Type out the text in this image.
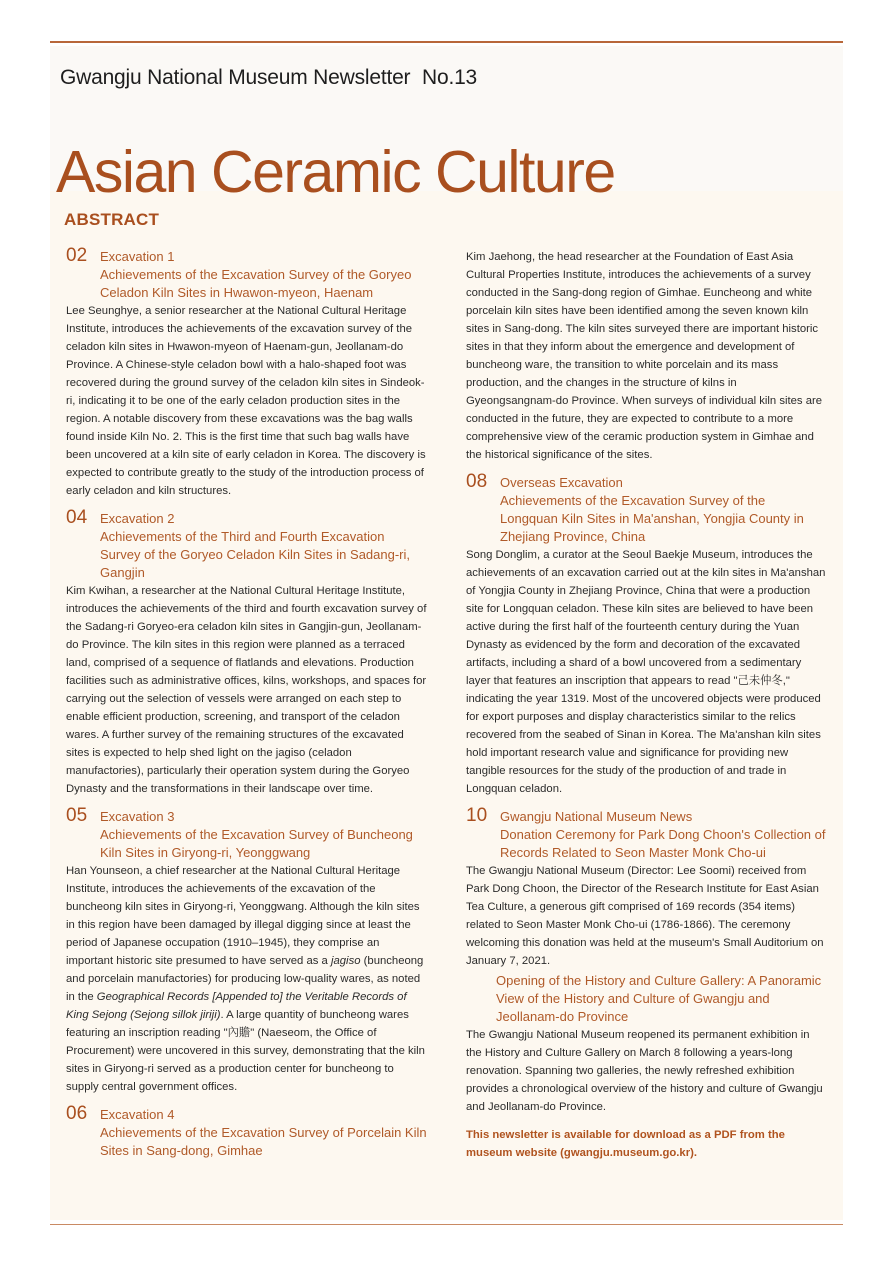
Gwangju National Museum Newsletter No.13
Asian Ceramic Culture
ABSTRACT
02 Excavation 1
Achievements of the Excavation Survey of the Goryeo Celadon Kiln Sites in Hwawon-myeon, Haenam

Lee Seunghye, a senior researcher at the National Cultural Heritage Institute, introduces the achievements of the excavation survey of the celadon kiln sites in Hwawon-myeon of Haenam-gun, Jeollanam-do Province. A Chinese-style celadon bowl with a halo-shaped foot was recovered during the ground survey of the celadon kiln sites in Sindeok-ri, indicating it to be one of the early celadon production sites in the region. A notable discovery from these excavations was the bag walls found inside Kiln No. 2. This is the first time that such bag walls have been uncovered at a kiln site of early celadon in Korea. The discovery is expected to contribute greatly to the study of the introduction process of early celadon and kiln structures.

04 Excavation 2
Achievements of the Third and Fourth Excavation Survey of the Goryeo Celadon Kiln Sites in Sadang-ri, Gangjin

Kim Kwihan, a researcher at the National Cultural Heritage Institute, introduces the achievements of the third and fourth excavation survey of the Sadang-ri Goryeo-era celadon kiln sites in Gangjin-gun, Jeollanam-do Province. The kiln sites in this region were planned as a terraced land, comprised of a sequence of flatlands and elevations. Production facilities such as administrative offices, kilns, workshops, and spaces for carrying out the selection of vessels were arranged on each step to enable efficient production, screening, and transport of the celadon wares. A further survey of the remaining structures of the excavated sites is expected to help shed light on the jagiso (celadon manufactories), particularly their operation system during the Goryeo Dynasty and the transformations in their landscape over time.

05 Excavation 3
Achievements of the Excavation Survey of Buncheong Kiln Sites in Giryong-ri, Yeonggwang

Han Younseon, a chief researcher at the National Cultural Heritage Institute, introduces the achievements of the excavation of the buncheong kiln sites in Giryong-ri, Yeonggwang. Although the kiln sites in this region have been damaged by illegal digging since at least the period of Japanese occupation (1910–1945), they comprise an important historic site presumed to have served as a jagiso (buncheong and porcelain manufactories) for producing low-quality wares, as noted in the Geographical Records [Appended to] the Veritable Records of King Sejong (Sejong sillok jiriji). A large quantity of buncheong wares featuring an inscription reading "內贍" (Naeseom, the Office of Procurement) were uncovered in this survey, demonstrating that the kiln sites in Giryong-ri served as a production center for buncheong to supply central government offices.

06 Excavation 4
Achievements of the Excavation Survey of Porcelain Kiln Sites in Sang-dong, Gimhae

Kim Jaehong, the head researcher at the Foundation of East Asia Cultural Properties Institute, introduces the achievements of a survey conducted in the Sang-dong region of Gimhae. Euncheong and white porcelain kiln sites have been identified among the seven known kiln sites in Sang-dong. The kiln sites surveyed there are important historic sites in that they inform about the emergence and development of buncheong ware, the transition to white porcelain and its mass production, and the changes in the structure of kilns in Gyeongsangnam-do Province. When surveys of individual kiln sites are conducted in the future, they are expected to contribute to a more comprehensive view of the ceramic production system in Gimhae and the historical significance of the sites.

08 Overseas Excavation
Achievements of the Excavation Survey of the Longquan Kiln Sites in Ma'anshan, Yongjia County in Zhejiang Province, China

Song Donglim, a curator at the Seoul Baekje Museum, introduces the achievements of an excavation carried out at the kiln sites in Ma'anshan of Yongjia County in Zhejiang Province, China that were a production site for Longquan celadon. These kiln sites are believed to have been active during the first half of the fourteenth century during the Yuan Dynasty as evidenced by the form and decoration of the excavated artifacts, including a shard of a bowl uncovered from a sedimentary layer that features an inscription that appears to read "己未仲冬," indicating the year 1319. Most of the uncovered objects were produced for export purposes and display characteristics similar to the relics recovered from the seabed of Sinan in Korea. The Ma'anshan kiln sites hold important research value and significance for providing new tangible resources for the study of the production of and trade in Longquan celadon.

10 Gwangju National Museum News
Donation Ceremony for Park Dong Choon's Collection of Records Related to Seon Master Monk Cho-ui

The Gwangju National Museum (Director: Lee Soomi) received from Park Dong Choon, the Director of the Research Institute for East Asian Tea Culture, a generous gift comprised of 169 records (354 items) related to Seon Master Monk Cho-ui (1786-1866). The ceremony welcoming this donation was held at the museum's Small Auditorium on January 7, 2021.

Opening of the History and Culture Gallery: A Panoramic View of the History and Culture of Gwangju and Jeollanam-do Province

The Gwangju National Museum reopened its permanent exhibition in the History and Culture Gallery on March 8 following a years-long renovation. Spanning two galleries, the newly refreshed exhibition provides a chronological overview of the history and culture of Gwangju and Jeollanam-do Province.

This newsletter is available for download as a PDF from the museum website (gwangju.museum.go.kr).
